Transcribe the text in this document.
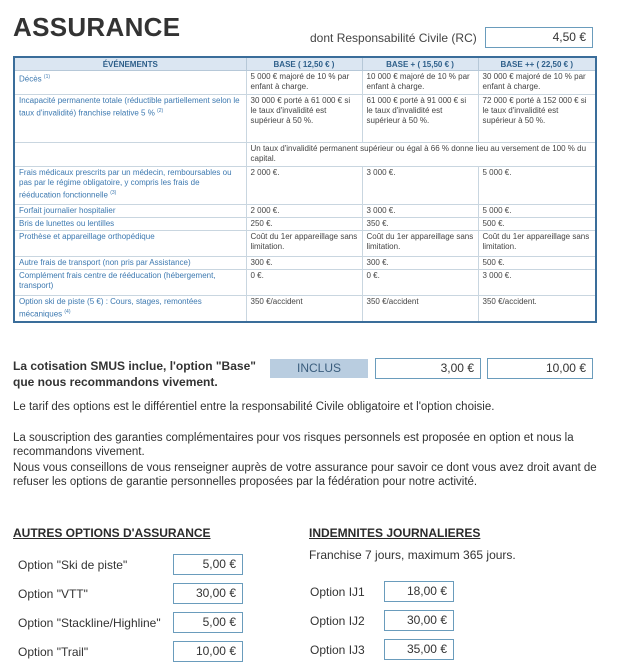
ASSURANCE	dont Responsabilité Civile (RC)	4,50 €
ÉVÉNEMENTS	BASE ( 12,50 € )	BASE + ( 15,50 € )	BASE ++ ( 22,50 € )
Décès $^{(1)}$	5 000 € majoré de 10 % par enfant à charge.	10 000 € majoré de 10 % par enfant à charge.	30 000 € majoré de 10 % par enfant à charge.
Incapacité permanente totale (réductible partiellement selon le taux d'invalidité) franchise relative 5 % $^{(2)}$	30 000 € porté à 61 000 € si le taux d'invalidité est supérieur à 50 %.	61 000 € porté à 91 000 € si le taux d'invalidité est supérieur à 50 %.	72 000 € porté à 152 000 € si le taux d'invalidité est supérieur à 50 %.
	Un taux d'invalidité permanent supérieur ou égal à 66 % donne lieu au versement de 100 % du capital.		
Frais médicaux prescrits par un médecin, remboursables ou pas par le régime obligatoire, y compris les frais de rééducation fonctionnelle $^{(3)}$	2 000 €.	3 000 €.	5 000 €.
Forfait journalier hospitalier	2 000 €.	3 000 €.	5 000 €.
Bris de lunettes ou lentilles	250 €.	350 €.	500 €.
Prothèse et appareillage orthopédique	Coût du 1er appareillage sans limitation.	Coût du 1er appareillage sans limitation.	Coût du 1er appareillage sans limitation.
Autre frais de transport (non pris par Assistance)	300 €.	300 €.	500 €.
Complément frais centre de rééducation (hébergement, transport)	0 €.	0 €.	3 000 €.
Option ski de piste (5 €) : Cours, stages, remontées mécaniques $^{(4)}$	350 €/accident	350 €/accident	350 €/accident.
La cotisation SMUS inclue, l'option "Base" que nous recommandons vivement.
INCLUS	3,00 €	10,00 €
Le tarif des options est le différentiel entre la responsabilité Civile obligatoire et l'option choisie.
La souscription des garanties complémentaires pour vos risques personnels est proposée en option et nous la recommandons vivement.
Nous vous conseillons de vous renseigner auprès de votre assurance pour savoir ce dont vous avez droit avant de refuser les options de garantie personnelles proposées par la fédération pour notre activité.
AUTRES OPTIONS D'ASSURANCE
Option "Ski de piste"	5,00 €
Option "VTT"	30,00 €
Option "Stackline/Highline"	5,00 €
Option "Trail"	10,00 €
INDEMNITES JOURNALIERES
Franchise 7 jours, maximum 365 jours.
Option IJ1	18,00 €
Option IJ2	30,00 €
Option IJ3	35,00 €
